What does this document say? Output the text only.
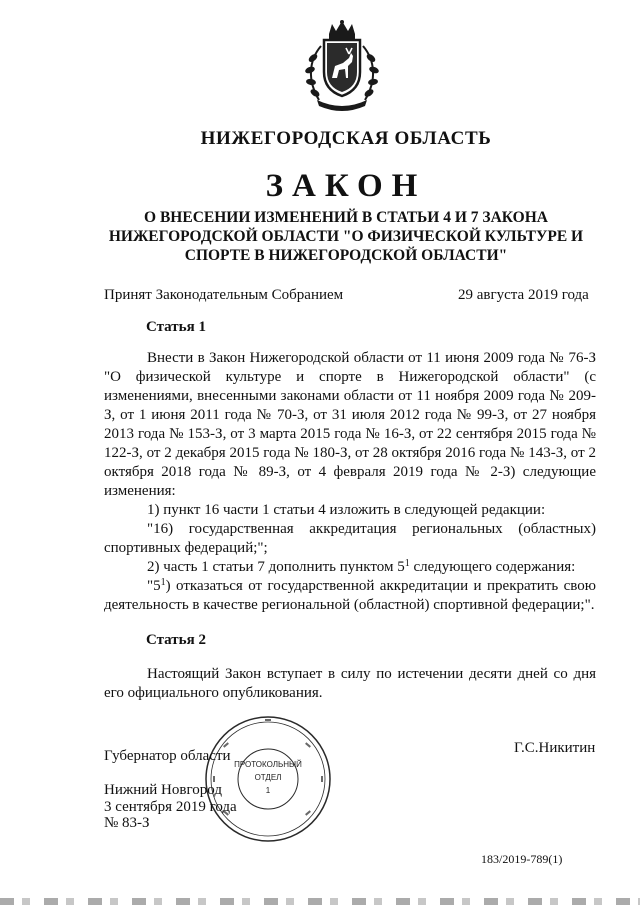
НИЖЕГОРОДСКАЯ ОБЛАСТЬ
ЗАКОН
О ВНЕСЕНИИ ИЗМЕНЕНИЙ В СТАТЬИ 4 И 7 ЗАКОНА НИЖЕГОРОДСКОЙ ОБЛАСТИ "О ФИЗИЧЕСКОЙ КУЛЬТУРЕ И СПОРТЕ В НИЖЕГОРОДСКОЙ ОБЛАСТИ"
Принят Законодательным Собранием	29 августа 2019 года
Статья 1

Внести в Закон Нижегородской области от 11 июня 2009 года № 76-З "О физической культуре и спорте в Нижегородской области" (с изменениями, внесенными законами области от 11 ноября 2009 года № 209-З, от 1 июня 2011 года № 70-З, от 31 июля 2012 года № 99-З, от 27 ноября 2013 года № 153-З, от 3 марта 2015 года № 16-З, от 22 сентября 2015 года № 122-З, от 2 декабря 2015 года № 180-З, от 28 октября 2016 года № 143-З, от 2 октября 2018 года № 89-З, от 4 февраля 2019 года № 2-З) следующие изменения:

1) пункт 16 части 1 статьи 4 изложить в следующей редакции:

"16) государственная аккредитация региональных (областных) спортивных федераций;";

2) часть 1 статьи 7 дополнить пунктом $5^1$ следующего содержания:

"$5^1$) отказаться от государственной аккредитации и прекратить свою деятельность в качестве региональной (областной) спортивной федерации;".

Статья 2

Настоящий Закон вступает в силу по истечении десяти дней со дня его официального опубликования.

ПРОТОКОЛЬНЫЙ
ОТДЕЛ
1
Губернатор области	Г.С.Никитин
Нижний Новгород
3 сентября 2019 года
№ 83-З
183/2019-789(1)
